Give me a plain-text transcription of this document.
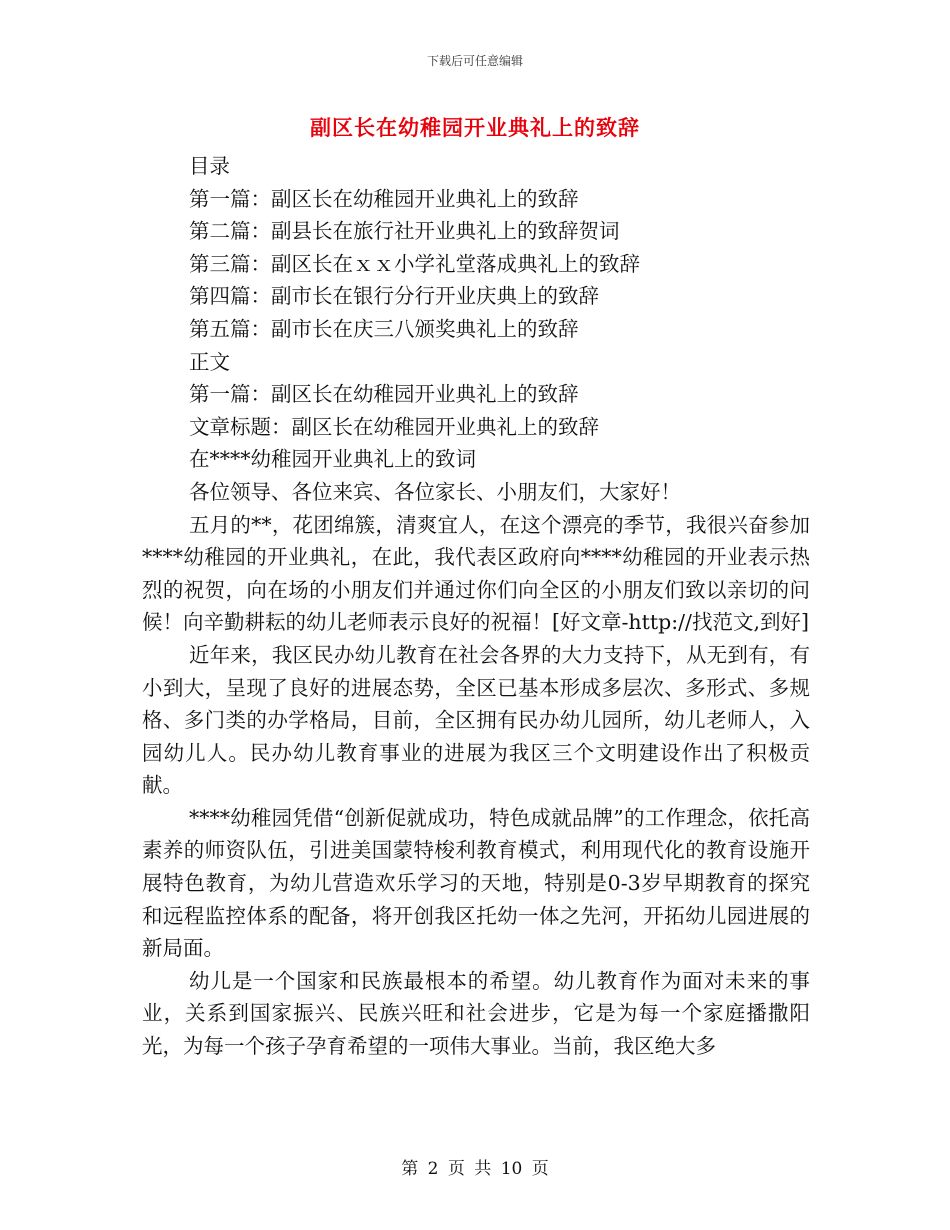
下载后可任意编辑
副区长在幼稚园开业典礼上的致辞

目录

第一篇：副区长在幼稚园开业典礼上的致辞

第二篇：副县长在旅行社开业典礼上的致辞贺词

第三篇：副区长在ｘｘ小学礼堂落成典礼上的致辞

第四篇：副市长在银行分行开业庆典上的致辞

第五篇：副市长在庆三八颁奖典礼上的致辞

正文

第一篇：副区长在幼稚园开业典礼上的致辞

文章标题：副区长在幼稚园开业典礼上的致辞

在****幼稚园开业典礼上的致词

各位领导、各位来宾、各位家长、小朋友们，大家好！

五月的**，花团绵簇，清爽宜人，在这个漂亮的季节，我很兴奋参加****幼稚园的开业典礼，在此，我代表区政府向****幼稚园的开业表示热烈的祝贺，向在场的小朋友们并通过你们向全区的小朋友们致以亲切的问候！向辛勤耕耘的幼儿老师表示良好的祝福！[好文章-http://找范文,到好]

近年来，我区民办幼儿教育在社会各界的大力支持下，从无到有，有小到大，呈现了良好的进展态势，全区已基本形成多层次、多形式、多规格、多门类的办学格局，目前，全区拥有民办幼儿园所，幼儿老师人，入园幼儿人。民办幼儿教育事业的进展为我区三个文明建设作出了积极贡献。

****幼稚园凭借“创新促就成功，特色成就品牌”的工作理念，依托高素养的师资队伍，引进美国蒙特梭利教育模式，利用现代化的教育设施开展特色教育，为幼儿营造欢乐学习的天地，特别是0-3岁早期教育的探究和远程监控体系的配备，将开创我区托幼一体之先河，开拓幼儿园进展的新局面。

幼儿是一个国家和民族最根本的希望。幼儿教育作为面对未来的事业，关系到国家振兴、民族兴旺和社会进步，它是为每一个家庭播撒阳光，为每一个孩子孕育希望的一项伟大事业。当前，我区绝大多

第 2 页 共 10 页
